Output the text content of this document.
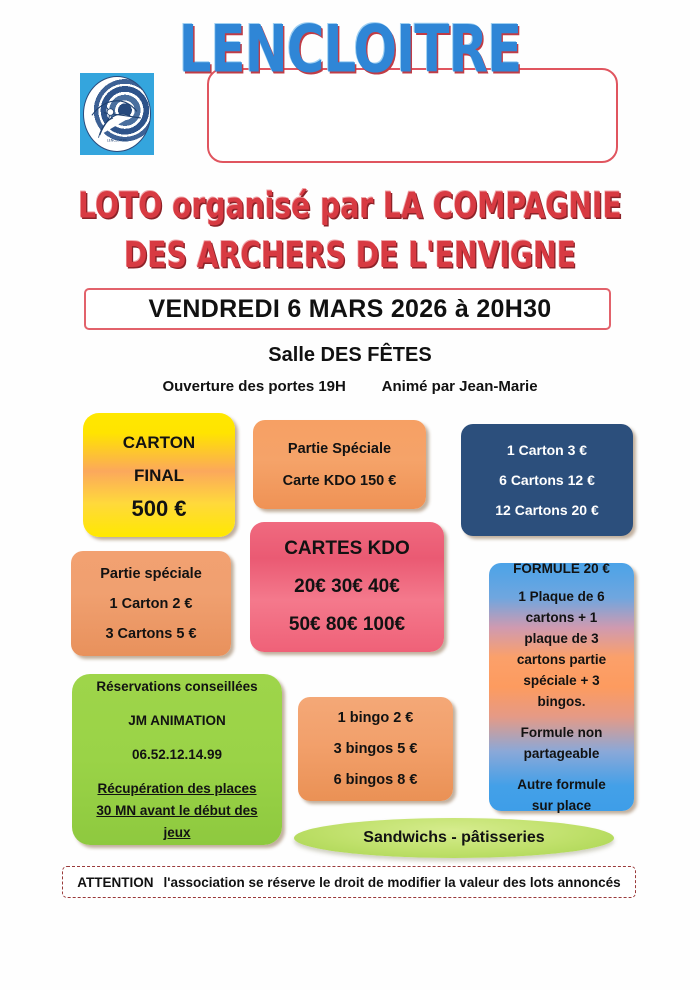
LENCLOITRE
LENCLOITRE
LOTO organisé par LA COMPAGNIE
DES ARCHERS DE L'ENVIGNE
VENDREDI 6 MARS 2026 à 20H30
Salle DES FÊTES
Ouverture des portes 19H Animé par Jean-Marie
CARTON
FINAL
500 €
Partie Spéciale
Carte KDO 150 €
1 Carton 3 €
6 Cartons 12 €
12 Cartons 20 €
CARTES KDO
20€ 30€ 40€
50€ 80€ 100€
Partie spéciale
1 Carton 2 €
3 Cartons 5 €
FORMULE 20 €
1 Plaque de 6
cartons + 1
plaque de 3
cartons partie
spéciale + 3
bingos.
Formule non
partageable
Autre formule
sur place
Réservations conseillées
JM ANIMATION
06.52.12.14.99
Récupération des places
30 MN avant le début des
jeux
1 bingo 2 €
3 bingos 5 €
6 bingos 8 €
Sandwichs - pâtisseries
ATTENTION l'association se réserve le droit de modifier la valeur des lots annoncés
